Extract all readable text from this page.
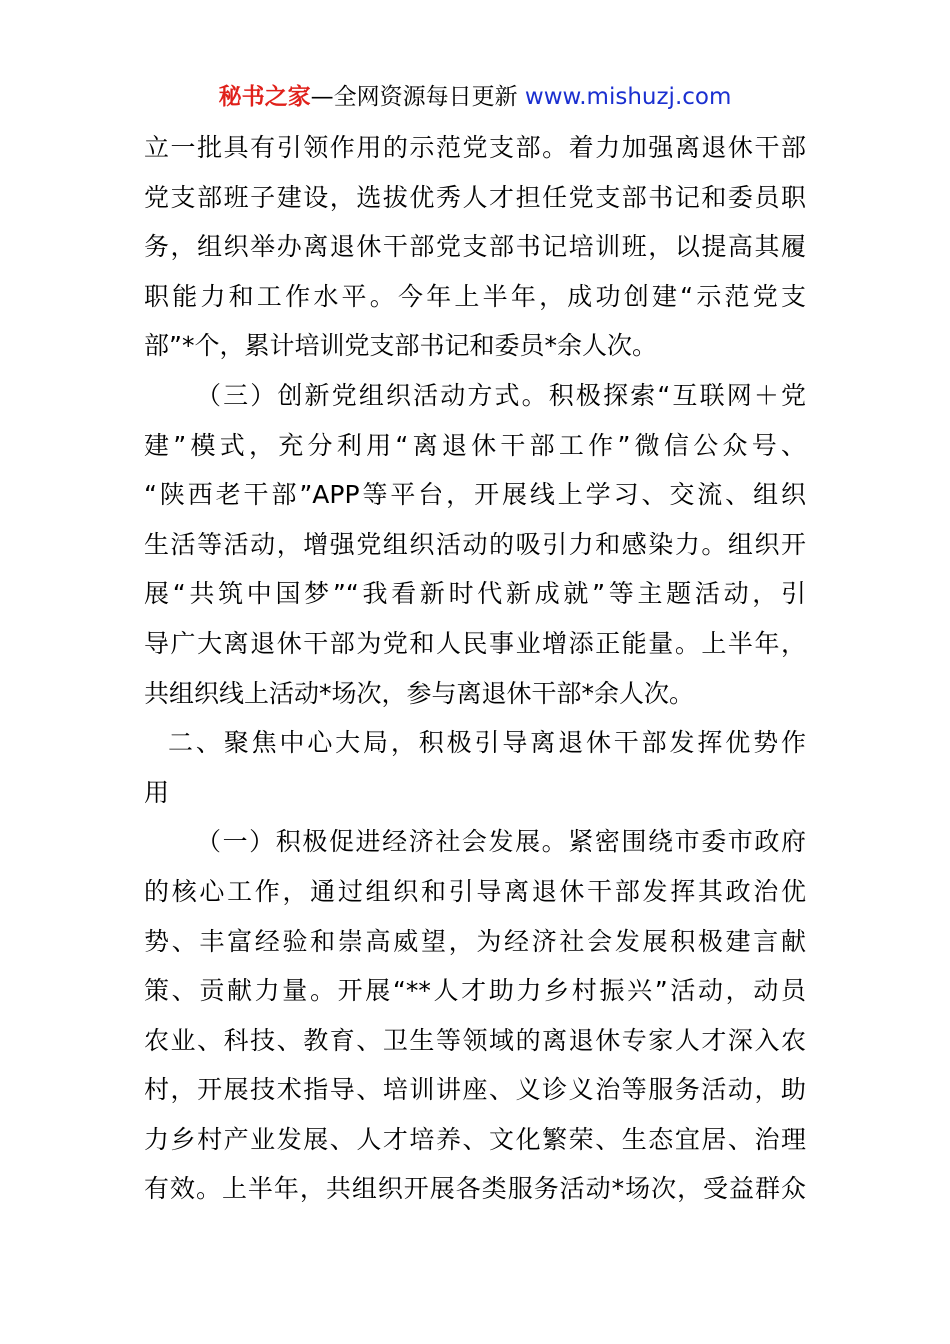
秘书之家—全网资源每日更新 www.mishuzj.com
立一批具有引领作用的示范党支部。着力加强离退休干部
党支部班子建设，选拔优秀人才担任党支部书记和委员职
务，组织举办离退休干部党支部书记培训班，以提高其履
职能力和工作水平。今年上半年，成功创建“示范党支
部”*个，累计培训党支部书记和委员*余人次。
（三）创新党组织活动方式。积极探索“互联网＋党
建”模式，充分利用“离退休干部工作”微信公众号、
“陕西老干部”APP等平台，开展线上学习、交流、组织
生活等活动，增强党组织活动的吸引力和感染力。组织开
展“共筑中国梦”“我看新时代新成就”等主题活动，引
导广大离退休干部为党和人民事业增添正能量。上半年，
共组织线上活动*场次，参与离退休干部*余人次。
二、聚焦中心大局，积极引导离退休干部发挥优势作
用
（一）积极促进经济社会发展。紧密围绕市委市政府
的核心工作，通过组织和引导离退休干部发挥其政治优
势、丰富经验和崇高威望，为经济社会发展积极建言献
策、贡献力量。开展“**人才助力乡村振兴”活动，动员
农业、科技、教育、卫生等领域的离退休专家人才深入农
村，开展技术指导、培训讲座、义诊义治等服务活动，助
力乡村产业发展、人才培养、文化繁荣、生态宜居、治理
有效。上半年，共组织开展各类服务活动*场次，受益群众
